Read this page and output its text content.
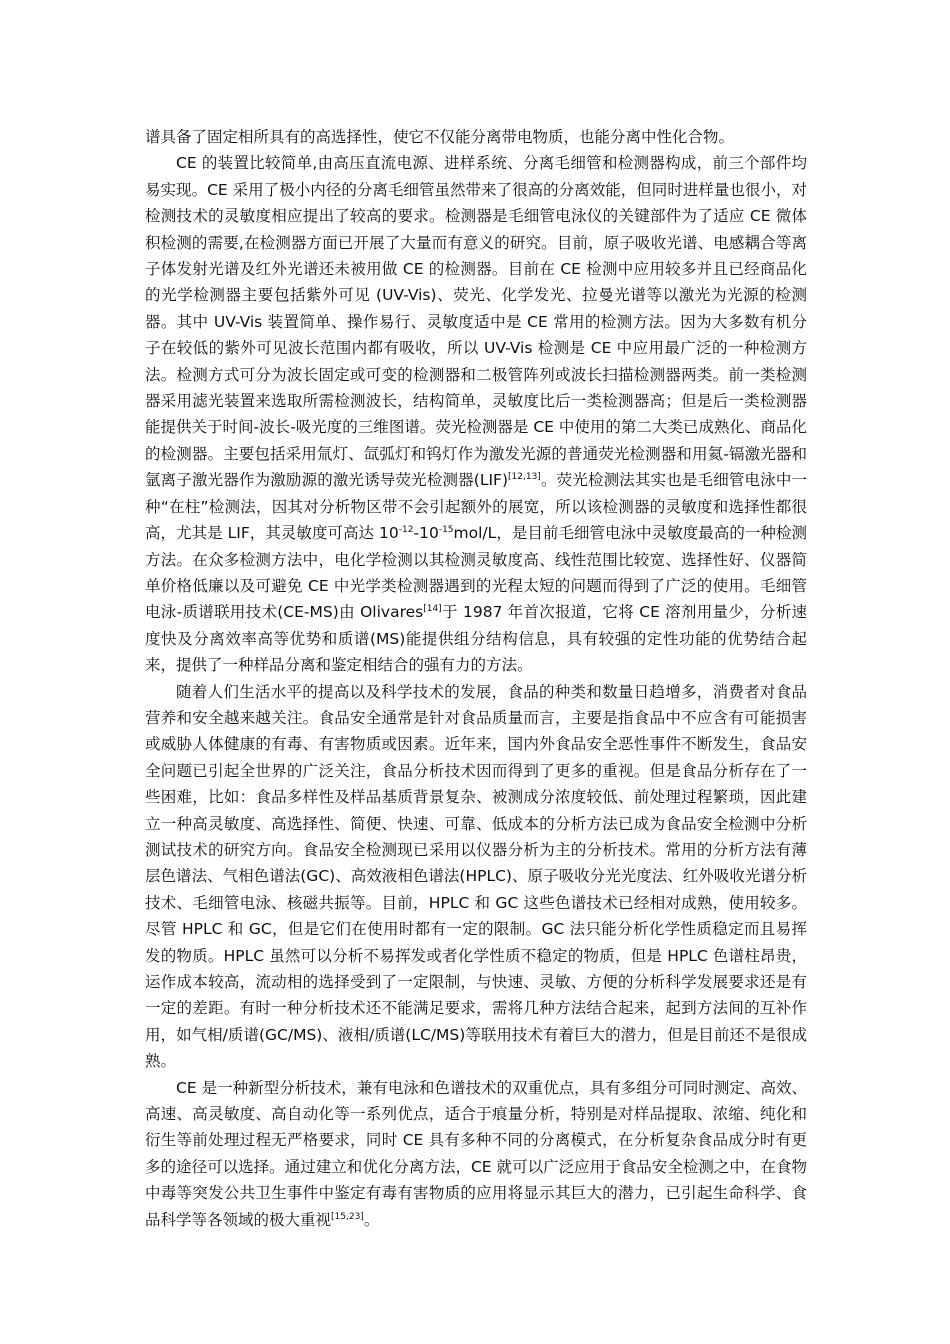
谱具备了固定相所具有的高选择性，使它不仅能分离带电物质，也能分离中性化合物。

CE 的装置比较简单,由高压直流电源、进样系统、分离毛细管和检测器构成，前三个部件均易实现。CE 采用了极小内径的分离毛细管虽然带来了很高的分离效能，但同时进样量也很小，对检测技术的灵敏度相应提出了较高的要求。检测器是毛细管电泳仪的关键部件为了适应 CE 微体积检测的需要,在检测器方面已开展了大量而有意义的研究。目前，原子吸收光谱、电感耦合等离子体发射光谱及红外光谱还未被用做 CE 的检测器。目前在 CE 检测中应用较多并且已经商品化的光学检测器主要包括紫外可见 (UV-Vis)、荧光、化学发光、拉曼光谱等以激光为光源的检测器。其中 UV-Vis 装置简单、操作易行、灵敏度适中是 CE 常用的检测方法。因为大多数有机分子在较低的紫外可见波长范围内都有吸收，所以 UV-Vis 检测是 CE 中应用最广泛的一种检测方法。检测方式可分为波长固定或可变的检测器和二极管阵列或波长扫描检测器两类。前一类检测器采用滤光装置来选取所需检测波长，结构简单，灵敏度比后一类检测器高；但是后一类检测器能提供关于时间-波长-吸光度的三维图谱。荧光检测器是 CE 中使用的第二大类已成熟化、商品化的检测器。主要包括采用氚灯、氙弧灯和钨灯作为激发光源的普通荧光检测器和用氦-镉激光器和氩离子激光器作为激励源的激光诱导荧光检测器(LIF)[12,13]。荧光检测法其实也是毛细管电泳中一种“在柱”检测法，因其对分析物区带不会引起额外的展宽，所以该检测器的灵敏度和选择性都很高，尤其是 LIF，其灵敏度可高达 $10^{-12}-10^{-15}mol/L$，是目前毛细管电泳中灵敏度最高的一种检测方法。在众多检测方法中，电化学检测以其检测灵敏度高、线性范围比较宽、选择性好、仪器简单价格低廉以及可避免 CE 中光学类检测器遇到的光程太短的问题而得到了广泛的使用。毛细管电泳-质谱联用技术(CE-MS)由 Olivares[14]于 1987 年首次报道，它将 CE 溶剂用量少，分析速度快及分离效率高等优势和质谱(MS)能提供组分结构信息，具有较强的定性功能的优势结合起来，提供了一种样品分离和鉴定相结合的强有力的方法。

随着人们生活水平的提高以及科学技术的发展，食品的种类和数量日趋增多，消费者对食品营养和安全越来越关注。食品安全通常是针对食品质量而言，主要是指食品中不应含有可能损害或威胁人体健康的有毒、有害物质或因素。近年来，国内外食品安全恶性事件不断发生，食品安全问题已引起全世界的广泛关注，食品分析技术因而得到了更多的重视。但是食品分析存在了一些困难，比如：食品多样性及样品基质背景复杂、被测成分浓度较低、前处理过程繁琐，因此建立一种高灵敏度、高选择性、简便、快速、可靠、低成本的分析方法已成为食品安全检测中分析测试技术的研究方向。食品安全检测现已采用以仪器分析为主的分析技术。常用的分析方法有薄层色谱法、气相色谱法(GC)、高效液相色谱法(HPLC)、原子吸收分光光度法、红外吸收光谱分析技术、毛细管电泳、核磁共振等。目前，HPLC 和 GC 这些色谱技术已经相对成熟，使用较多。尽管 HPLC 和 GC，但是它们在使用时都有一定的限制。GC 法只能分析化学性质稳定而且易挥发的物质。HPLC 虽然可以分析不易挥发或者化学性质不稳定的物质，但是 HPLC 色谱柱昂贵，运作成本较高，流动相的选择受到了一定限制，与快速、灵敏、方便的分析科学发展要求还是有一定的差距。有时一种分析技术还不能满足要求，需将几种方法结合起来，起到方法间的互补作用，如气相/质谱(GC/MS)、液相/质谱(LC/MS)等联用技术有着巨大的潜力，但是目前还不是很成熟。

CE 是一种新型分析技术，兼有电泳和色谱技术的双重优点，具有多组分可同时测定、高效、高速、高灵敏度、高自动化等一系列优点，适合于痕量分析，特别是对样品提取、浓缩、纯化和衍生等前处理过程无严格要求，同时 CE 具有多种不同的分离模式，在分析复杂食品成分时有更多的途径可以选择。通过建立和优化分离方法，CE 就可以广泛应用于食品安全检测之中，在食物中毒等突发公共卫生事件中鉴定有毒有害物质的应用将显示其巨大的潜力，已引起生命科学、食品科学等各领域的极大重视[15,23]。
